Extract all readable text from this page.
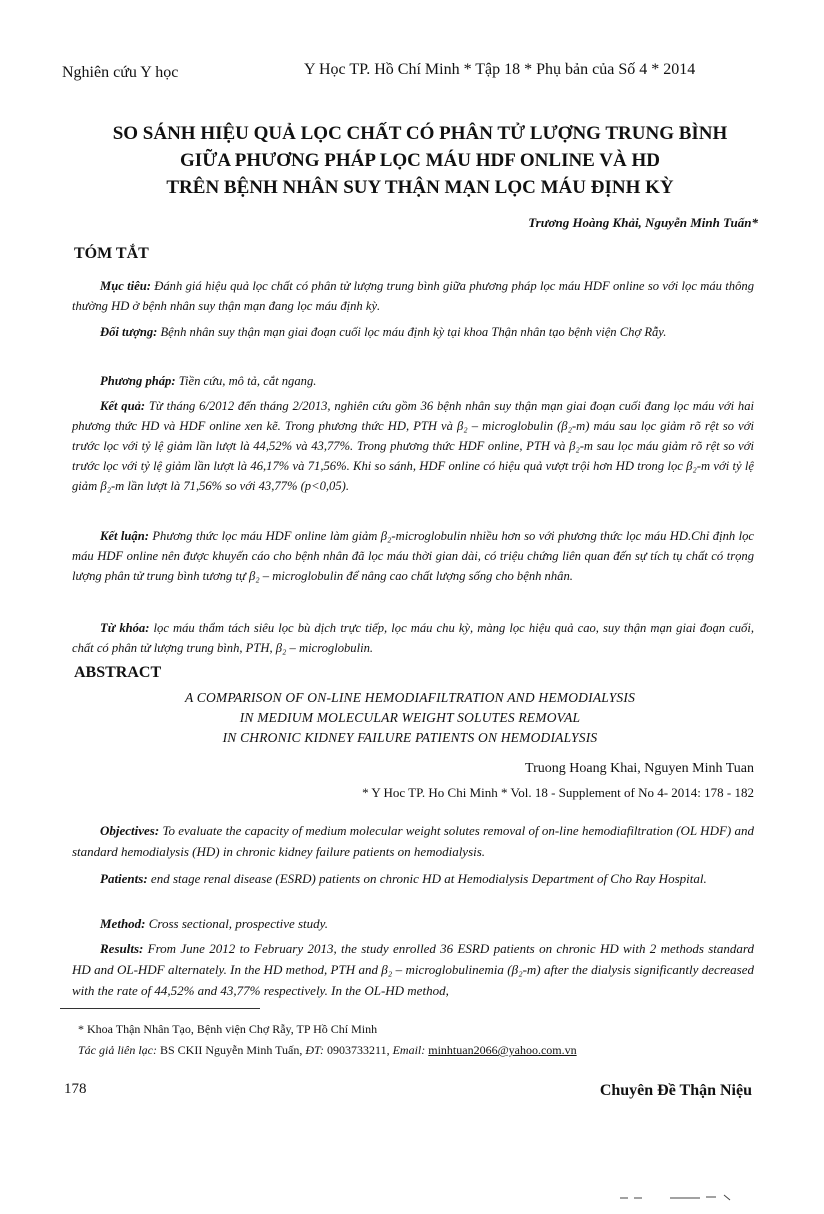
Nghiên cứu Y học	Y Học TP. Hồ Chí Minh * Tập 18 * Phụ bản của Số 4 * 2014
SO SÁNH HIỆU QUẢ LỌC CHẤT CÓ PHÂN TỬ LƯỢNG TRUNG BÌNH
GIỮA PHƯƠNG PHÁP LỌC MÁU HDF ONLINE VÀ HD
TRÊN BỆNH NHÂN SUY THẬN MẠN LỌC MÁU ĐỊNH KỲ
Trương Hoàng Khải, Nguyễn Minh Tuấn*
TÓM TẮT
Mục tiêu: Đánh giá hiệu quả lọc chất có phân tử lượng trung bình giữa phương pháp lọc máu HDF online so với lọc máu thông thường HD ở bệnh nhân suy thận mạn đang lọc máu định kỳ.
Đối tượng: Bệnh nhân suy thận mạn giai đoạn cuối lọc máu định kỳ tại khoa Thận nhân tạo bệnh viện Chợ Rẫy.
Phương pháp: Tiền cứu, mô tả, cắt ngang.
Kết quả: Từ tháng 6/2012 đến tháng 2/2013, nghiên cứu gồm 36 bệnh nhân suy thận mạn giai đoạn cuối đang lọc máu với hai phương thức HD và HDF online xen kẽ. Trong phương thức HD, PTH và β₂ – microglobulin (β₂-m) máu sau lọc giảm rõ rệt so với trước lọc với tỷ lệ giảm lần lượt là 44,52% và 43,77%. Trong phương thức HDF online, PTH và β₂-m sau lọc máu giảm rõ rệt so với trước lọc với tỷ lệ giảm lần lượt là 46,17% và 71,56%. Khi so sánh, HDF online có hiệu quả vượt trội hơn HD trong lọc β₂-m với tỷ lệ giảm β₂-m lần lượt là 71,56% so với 43,77% (p<0,05).
Kết luận: Phương thức lọc máu HDF online làm giảm β₂-microglobulin nhiều hơn so với phương thức lọc máu HD.Chỉ định lọc máu HDF online nên được khuyến cáo cho bệnh nhân đã lọc máu thời gian dài, có triệu chứng liên quan đến sự tích tụ chất có trọng lượng phân tử trung bình tương tự β₂ – microglobulin để nâng cao chất lượng sống cho bệnh nhân.
Từ khóa: lọc máu thẩm tách siêu lọc bù dịch trực tiếp, lọc máu chu kỳ, màng lọc hiệu quả cao, suy thận mạn giai đoạn cuối, chất có phân tử lượng trung bình, PTH, β₂ – microglobulin.
ABSTRACT
A COMPARISON OF ON-LINE HEMODIAFILTRATION AND HEMODIALYSIS
IN MEDIUM MOLECULAR WEIGHT SOLUTES REMOVAL
IN CHRONIC KIDNEY FAILURE PATIENTS ON HEMODIALYSIS
Truong Hoang Khai, Nguyen Minh Tuan
* Y Hoc TP. Ho Chi Minh * Vol. 18 - Supplement of No 4- 2014: 178 - 182
Objectives: To evaluate the capacity of medium molecular weight solutes removal of on-line hemodiafiltration (OL HDF) and standard hemodialysis (HD) in chronic kidney failure patients on hemodialysis.
Patients: end stage renal disease (ESRD) patients on chronic HD at Hemodialysis Department of Cho Ray Hospital.
Method: Cross sectional, prospective study.
Results: From June 2012 to February 2013, the study enrolled 36 ESRD patients on chronic HD with 2 methods standard HD and OL-HDF alternately. In the HD method, PTH and β₂ – microglobulinemia (β₂-m) after the dialysis significantly decreased with the rate of 44,52% and 43,77% respectively. In the OL-HD method,
* Khoa Thận Nhân Tạo, Bệnh viện Chợ Rẫy, TP Hồ Chí Minh
Tác giả liên lạc: BS CKII Nguyễn Minh Tuấn, ĐT: 0903733211, Email: minhtuan2066@yahoo.com.vn
178	Chuyên Đề Thận Niệu
